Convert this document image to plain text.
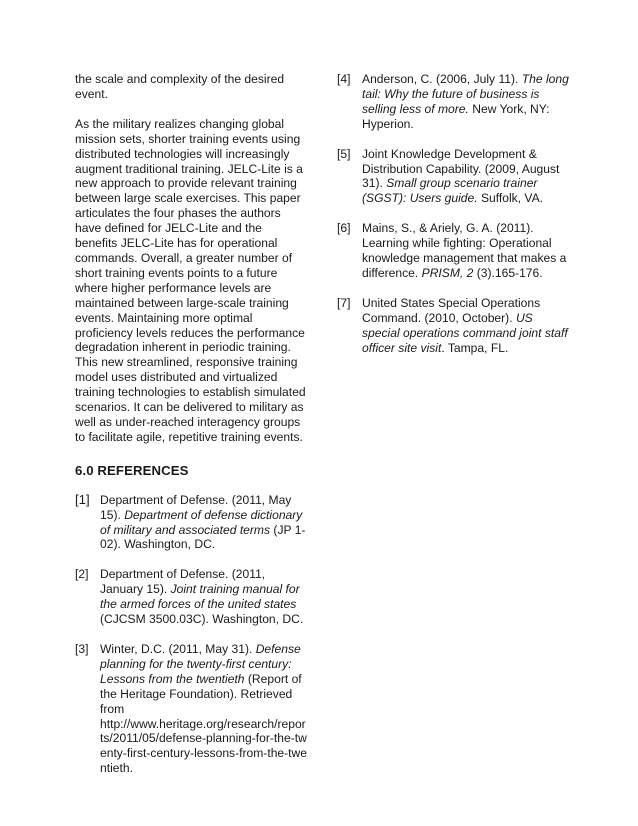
the scale and complexity of the desired event.

As the military realizes changing global mission sets, shorter training events using distributed technologies will increasingly augment traditional training. JELC-Lite is a new approach to provide relevant training between large scale exercises. This paper articulates the four phases the authors have defined for JELC-Lite and the benefits JELC-Lite has for operational commands. Overall, a greater number of short training events points to a future where higher performance levels are maintained between large-scale training events. Maintaining more optimal proficiency levels reduces the performance degradation inherent in periodic training. This new streamlined, responsive training model uses distributed and virtualized training technologies to establish simulated scenarios. It can be delivered to military as well as under-reached interagency groups to facilitate agile, repetitive training events.

6.0 REFERENCES
[1] Department of Defense. (2011, May 15). Department of defense dictionary of military and associated terms (JP 1-02). Washington, DC.
[2] Department of Defense. (2011, January 15). Joint training manual for the armed forces of the united states (CJCSM 3500.03C). Washington, DC.
[3] Winter, D.C. (2011, May 31). Defense planning for the twenty-first century: Lessons from the twentieth (Report of the Heritage Foundation). Retrieved from
http://www.heritage.org/research/reports/2011/05/defense-planning-for-the-twenty-first-century-lessons-from-the-twentieth.
[4] Anderson, C. (2006, July 11). The long tail: Why the future of business is selling less of more. New York, NY: Hyperion.
[5] Joint Knowledge Development & Distribution Capability. (2009, August 31). Small group scenario trainer (SGST): Users guide. Suffolk, VA.
[6] Mains, S., & Ariely, G. A. (2011). Learning while fighting: Operational knowledge management that makes a difference. PRISM, 2 (3).165-176.
[7] United States Special Operations Command. (2010, October). US special operations command joint staff officer site visit. Tampa, FL.
